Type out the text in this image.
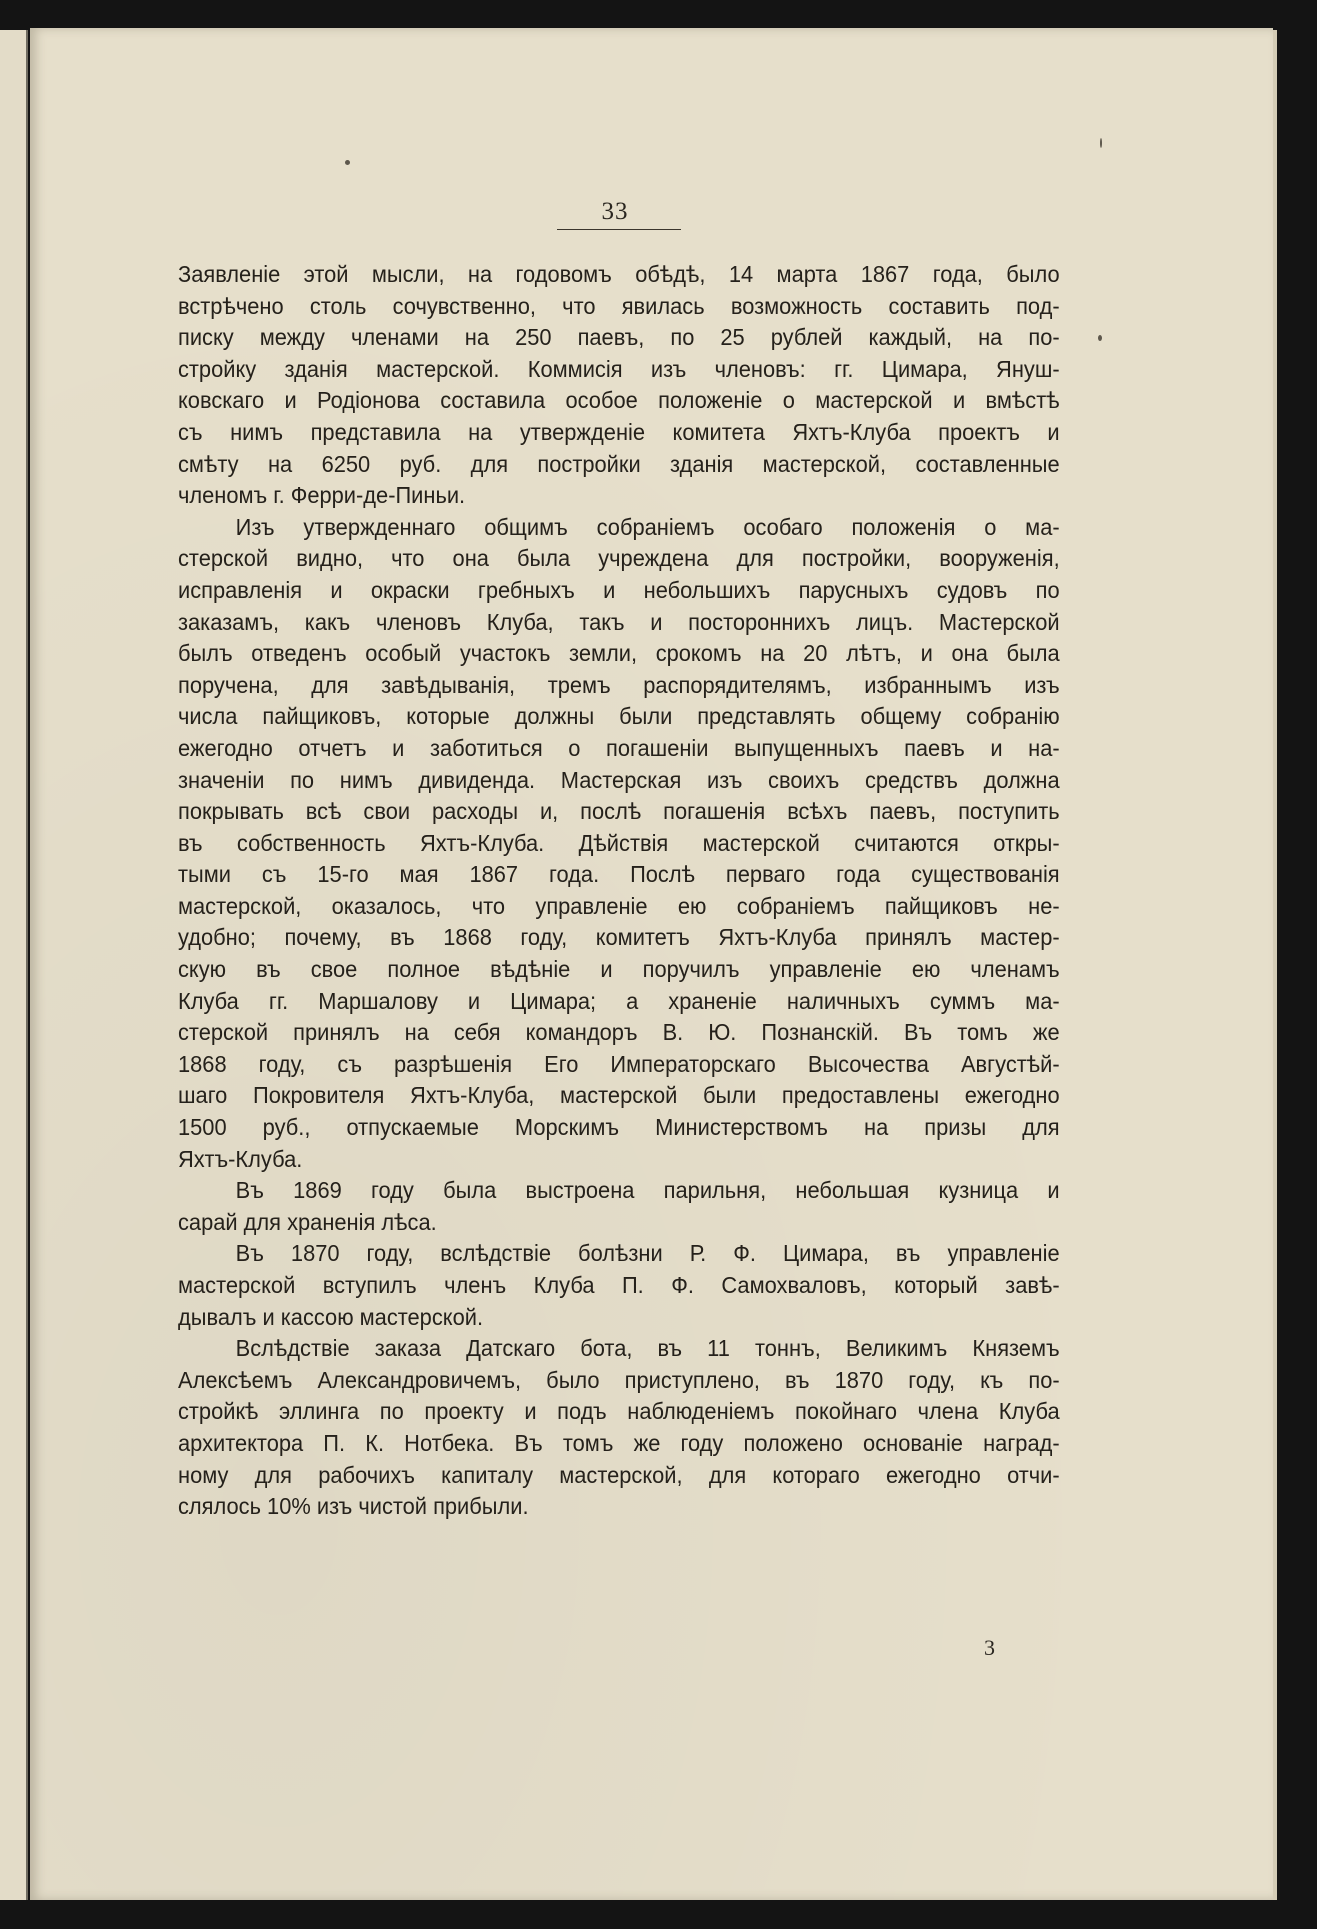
33
Заявленіе этой мысли, на годовомъ обѣдѣ, 14 марта 1867 года, было
встрѣчено столь сочувственно, что явилась возможность составить под-
писку между членами на 250 паевъ, по 25 рублей каждый, на по-
стройку зданія мастерской. Коммисія изъ членовъ: гг. Цимара, Януш-
ковскаго и Родіонова составила особое положеніе о мастерской и вмѣстѣ
съ нимъ представила на утвержденіе комитета Яхтъ-Клуба проектъ и
смѣту на 6250 руб. для постройки зданія мастерской, составленные
членомъ г. Ферри-де-Пиньи.
Изъ утвержденнаго общимъ собраніемъ особаго положенія о ма-
стерской видно, что она была учреждена для постройки, вооруженія,
исправленія и окраски гребныхъ и небольшихъ парусныхъ судовъ по
заказамъ, какъ членовъ Клуба, такъ и постороннихъ лицъ. Мастерской
былъ отведенъ особый участокъ земли, срокомъ на 20 лѣтъ, и она была
поручена, для завѣдыванія, тремъ распорядителямъ, избраннымъ изъ
числа пайщиковъ, которые должны были представлять общему собранію
ежегодно отчетъ и заботиться о погашеніи выпущенныхъ паевъ и на-
значеніи по нимъ дивиденда. Мастерская изъ своихъ средствъ должна
покрывать всѣ свои расходы и, послѣ погашенія всѣхъ паевъ, поступить
въ собственность Яхтъ-Клуба. Дѣйствія мастерской считаются откры-
тыми съ 15-го мая 1867 года. Послѣ перваго года существованія
мастерской, оказалось, что управленіе ею собраніемъ пайщиковъ не-
удобно; почему, въ 1868 году, комитетъ Яхтъ-Клуба принялъ мастер-
скую въ свое полное вѣдѣніе и поручилъ управленіе ею членамъ
Клуба гг. Маршалову и Цимара; а храненіе наличныхъ суммъ ма-
стерской принялъ на себя командоръ В. Ю. Познанскій. Въ томъ же
1868 году, съ разрѣшенія Его Императорскаго Высочества Августѣй-
шаго Покровителя Яхтъ-Клуба, мастерской были предоставлены ежегодно
1500 руб., отпускаемые Морскимъ Министерствомъ на призы для
Яхтъ-Клуба.
Въ 1869 году была выстроена парильня, небольшая кузница и
сарай для храненія лѣса.
Въ 1870 году, вслѣдствіе болѣзни Р. Ф. Цимара, въ управленіе
мастерской вступилъ членъ Клуба П. Ф. Самохваловъ, который завѣ-
дывалъ и кассою мастерской.
Вслѣдствіе заказа Датскаго бота, въ 11 тоннъ, Великимъ Княземъ
Алексѣемъ Александровичемъ, было приступлено, въ 1870 году, къ по-
стройкѣ эллинга по проекту и подъ наблюденіемъ покойнаго члена Клуба
архитектора П. К. Нотбека. Въ томъ же году положено основаніе наград-
ному для рабочихъ капиталу мастерской, для котораго ежегодно отчи-
слялось 10% изъ чистой прибыли.
3
